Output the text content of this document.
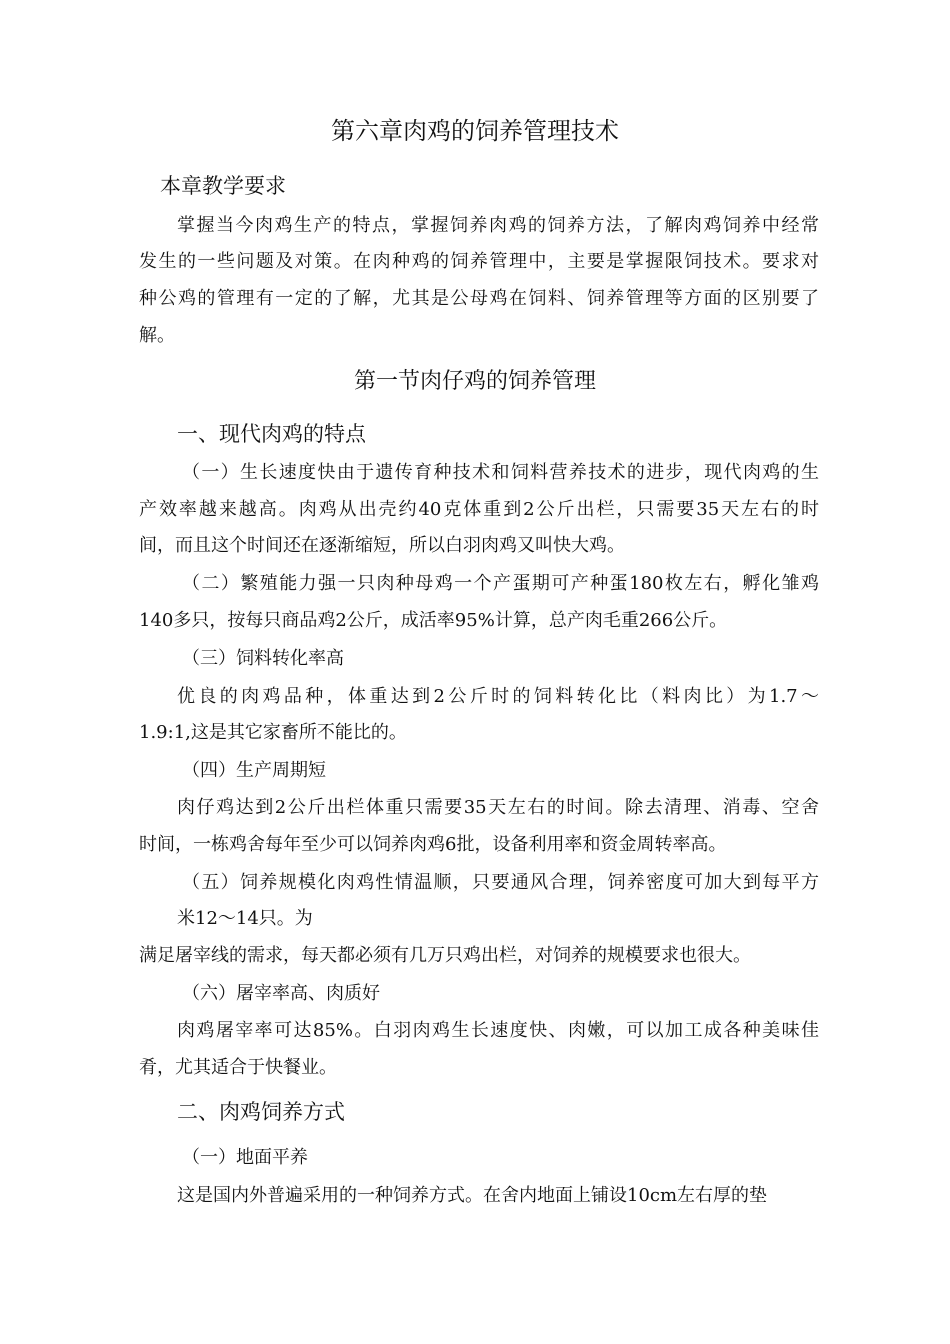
第六章肉鸡的饲养管理技术
本章教学要求
掌握当今肉鸡生产的特点，掌握饲养肉鸡的饲养方法，了解肉鸡饲养中经常
发生的一些问题及对策。在肉种鸡的饲养管理中，主要是掌握限饲技术。要求对
种公鸡的管理有一定的了解，尤其是公母鸡在饲料、饲养管理等方面的区别要了
解。
第一节肉仔鸡的饲养管理
一、现代肉鸡的特点
（一）生长速度快由于遗传育种技术和饲料营养技术的进步，现代肉鸡的生
产效率越来越高。肉鸡从出壳约40克体重到2公斤出栏，只需要35天左右的时
间，而且这个时间还在逐渐缩短，所以白羽肉鸡又叫快大鸡。
（二）繁殖能力强一只肉种母鸡一个产蛋期可产种蛋180枚左右，孵化雏鸡
140多只，按每只商品鸡2公斤，成活率95%计算，总产肉毛重266公斤。
（三）饲料转化率高
优良的肉鸡品种，体重达到2公斤时的饲料转化比（料肉比）为1.7〜
1.9:1,这是其它家畜所不能比的。
（四）生产周期短
肉仔鸡达到2公斤出栏体重只需要35天左右的时间。除去清理、消毒、空舍
时间，一栋鸡舍每年至少可以饲养肉鸡6批，设备利用率和资金周转率高。
（五）饲养规模化肉鸡性情温顺，只要通风合理，饲养密度可加大到每平方
米12〜14只。为
满足屠宰线的需求，每天都必须有几万只鸡出栏，对饲养的规模要求也很大。
（六）屠宰率高、肉质好
肉鸡屠宰率可达85%。白羽肉鸡生长速度快、肉嫩，可以加工成各种美味佳
肴，尤其适合于快餐业。
二、肉鸡饲养方式
（一）地面平养
这是国内外普遍采用的一种饲养方式。在舍内地面上铺设10cm左右厚的垫
